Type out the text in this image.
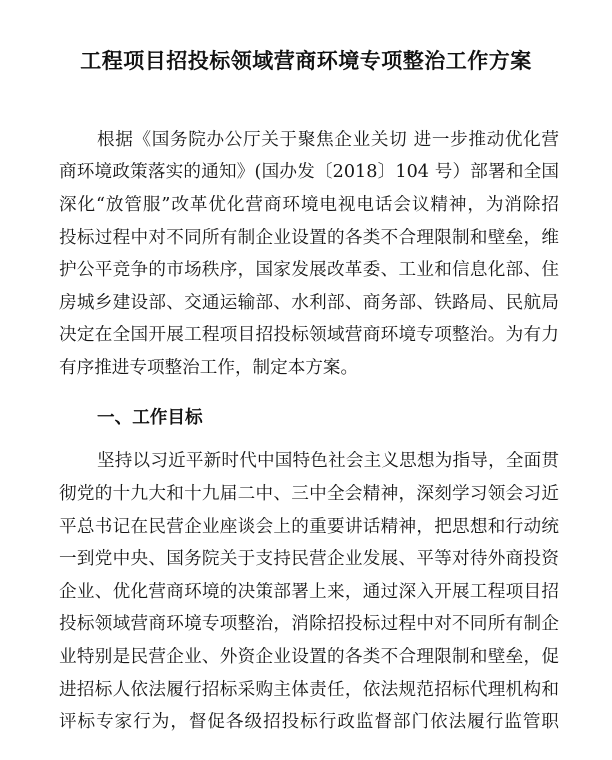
工程项目招投标领域营商环境专项整治工作方案
根据《国务院办公厅关于聚焦企业关切 进一步推动优化营
商环境政策落实的通知》(国办发〔2018〕104 号）部署和全国
深化“放管服”改革优化营商环境电视电话会议精神，为消除招
投标过程中对不同所有制企业设置的各类不合理限制和壁垒，维
护公平竞争的市场秩序，国家发展改革委、工业和信息化部、住
房城乡建设部、交通运输部、水利部、商务部、铁路局、民航局
决定在全国开展工程项目招投标领域营商环境专项整治。为有力
有序推进专项整治工作，制定本方案。
一、工作目标
坚持以习近平新时代中国特色社会主义思想为指导，全面贯
彻党的十九大和十九届二中、三中全会精神，深刻学习领会习近
平总书记在民营企业座谈会上的重要讲话精神，把思想和行动统
一到党中央、国务院关于支持民营企业发展、平等对待外商投资
企业、优化营商环境的决策部署上来，通过深入开展工程项目招
投标领域营商环境专项整治，消除招投标过程中对不同所有制企
业特别是民营企业、外资企业设置的各类不合理限制和壁垒，促
进招标人依法履行招标采购主体责任，依法规范招标代理机构和
评标专家行为，督促各级招投标行政监督部门依法履行监管职
